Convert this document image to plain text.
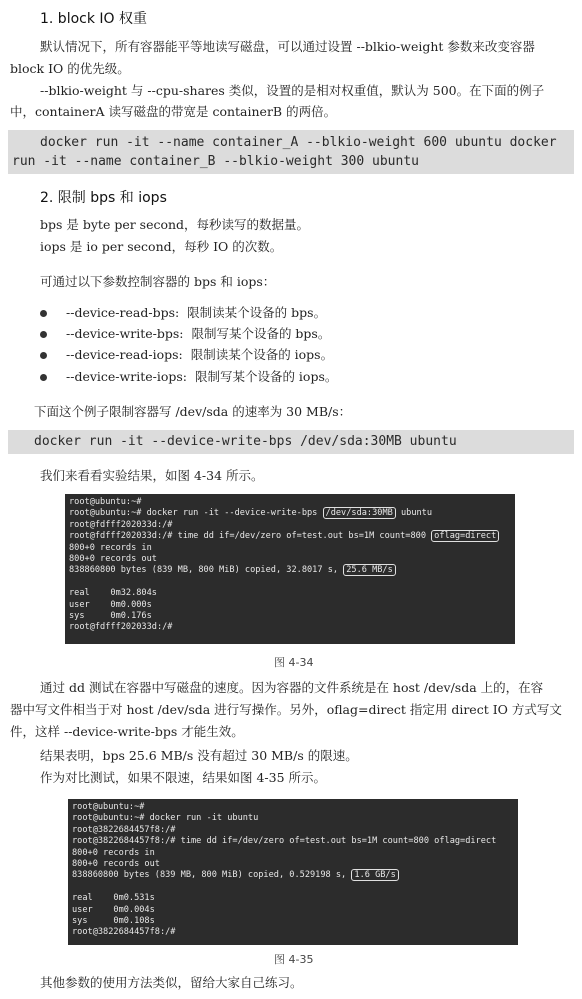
1. block IO 权重
默认情况下，所有容器能平等地读写磁盘，可以通过设置 --blkio-weight 参数来改变容器
block IO 的优先级。
--blkio-weight 与 --cpu-shares 类似，设置的是相对权重值，默认为 500。在下面的例子
中，containerA 读写磁盘的带宽是 containerB 的两倍。
docker run -it --name container_A --blkio-weight 600 ubuntu docker
run -it --name container_B --blkio-weight 300 ubuntu
2. 限制 bps 和 iops
bps 是 byte per second，每秒读写的数据量。
iops 是 io per second，每秒 IO 的次数。
可通过以下参数控制容器的 bps 和 iops：
--device-read-bps: 限制读某个设备的 bps。
--device-write-bps: 限制写某个设备的 bps。
--device-read-iops: 限制读某个设备的 iops。
--device-write-iops: 限制写某个设备的 iops。
下面这个例子限制容器写 /dev/sda 的速率为 30 MB/s：
docker run -it --device-write-bps /dev/sda:30MB ubuntu
我们来看看实验结果，如图 4-34 所示。
root@ubuntu:~#
root@ubuntu:~# docker run -it --device-write-bps /dev/sda:30MB ubuntu
root@fdfff202033d:/#
root@fdfff202033d:/# time dd if=/dev/zero of=test.out bs=1M count=800 oflag=direct
800+0 records in
800+0 records out
838860800 bytes (839 MB, 800 MiB) copied, 32.8017 s, 25.6 MB/s
real    0m32.804s
user    0m0.000s
sys     0m0.176s
root@fdfff202033d:/#
图 4-34
通过 dd 测试在容器中写磁盘的速度。因为容器的文件系统是在 host /dev/sda 上的，在容
器中写文件相当于对 host /dev/sda 进行写操作。另外，oflag=direct 指定用 direct IO 方式写文
件，这样 --device-write-bps 才能生效。
结果表明，bps 25.6 MB/s 没有超过 30 MB/s 的限速。
作为对比测试，如果不限速，结果如图 4-35 所示。
root@ubuntu:~#
root@ubuntu:~# docker run -it ubuntu
root@3822684457f8:/#
root@3822684457f8:/# time dd if=/dev/zero of=test.out bs=1M count=800 oflag=direct
800+0 records in
800+0 records out
838860800 bytes (839 MB, 800 MiB) copied, 0.529198 s, 1.6 GB/s
real    0m0.531s
user    0m0.004s
sys     0m0.108s
root@3822684457f8:/#
图 4-35
其他参数的使用方法类似，留给大家自己练习。
